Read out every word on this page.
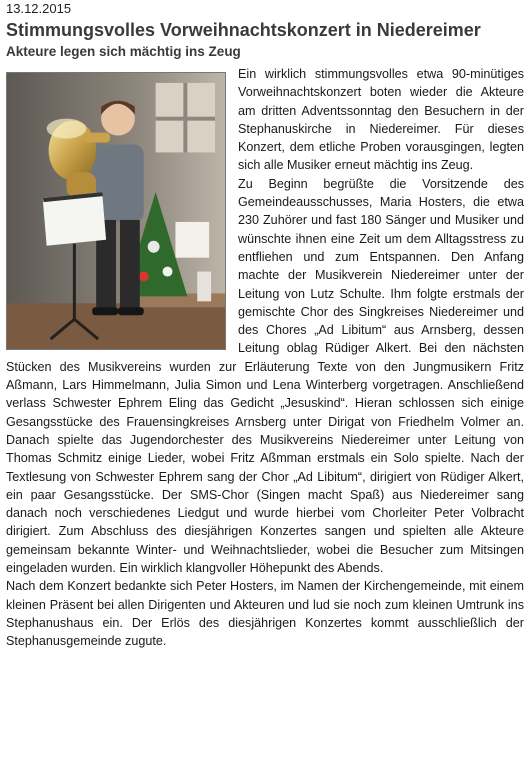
13.12.2015
Stimmungsvolles Vorweihnachtskonzert in Niedereimer
Akteure legen sich mächtig ins Zeug

Ein wirklich stimmungsvolles etwa 90-minütiges Vorweihnachtskonzert boten wieder die Akteure am dritten Adventssonntag den Besuchern in der Stephanuskirche in Niedereimer. Für dieses Konzert, dem etliche Proben vorausgingen, legten sich alle Musiker erneut mächtig ins Zeug.

Zu Beginn begrüßte die Vorsitzende des Gemeindeausschusses, Maria Hosters, die etwa 230 Zuhörer und fast 180 Sänger und Musiker und wünschte ihnen eine Zeit um dem Alltagsstress zu entfliehen und zum Entspannen. Den Anfang machte der Musikverein Niedereimer unter der Leitung von Lutz Schulte. Ihm folgte erstmals der gemischte Chor des Singkreises Niedereimer und des Chores „Ad Libitum“ aus Arnsberg, dessen Leitung oblag Rüdiger Alkert. Bei den nächsten Stücken des Musikvereins wurden zur Erläuterung Texte von den Jungmusikern Fritz Aßmann, Lars Himmelmann, Julia Simon und Lena Winterberg vorgetragen. Anschließend verlass Schwester Ephrem Eling das Gedicht „Jesuskind“. Hieran schlossen sich einige Gesangsstücke des Frauensingkreises Arnsberg unter Dirigat von Friedhelm Volmer an. Danach spielte das Jugendorchester des Musikvereins Niedereimer unter Leitung von Thomas Schmitz einige Lieder, wobei Fritz Aßmman erstmals ein Solo spielte. Nach der Textlesung von Schwester Ephrem sang der Chor „Ad Libitum“, dirigiert von Rüdiger Alkert, ein paar Gesangsstücke. Der SMS-Chor (Singen macht Spaß) aus Niedereimer sang danach noch verschiedenes Liedgut und wurde hierbei vom Chorleiter Peter Volbracht dirigiert. Zum Abschluss des diesjährigen Konzertes sangen und spielten alle Akteure gemeinsam bekannte Winter- und Weihnachtslieder, wobei die Besucher zum Mitsingen eingeladen wurden. Ein wirklich klangvoller Höhepunkt des Abends.

Nach dem Konzert bedankte sich Peter Hosters, im Namen der Kirchengemeinde, mit einem kleinen Präsent bei allen Dirigenten und Akteuren und lud sie noch zum kleinen Umtrunk ins Stephanushaus ein. Der Erlös des diesjährigen Konzertes kommt ausschließlich der Stephanusgemeinde zugute.
